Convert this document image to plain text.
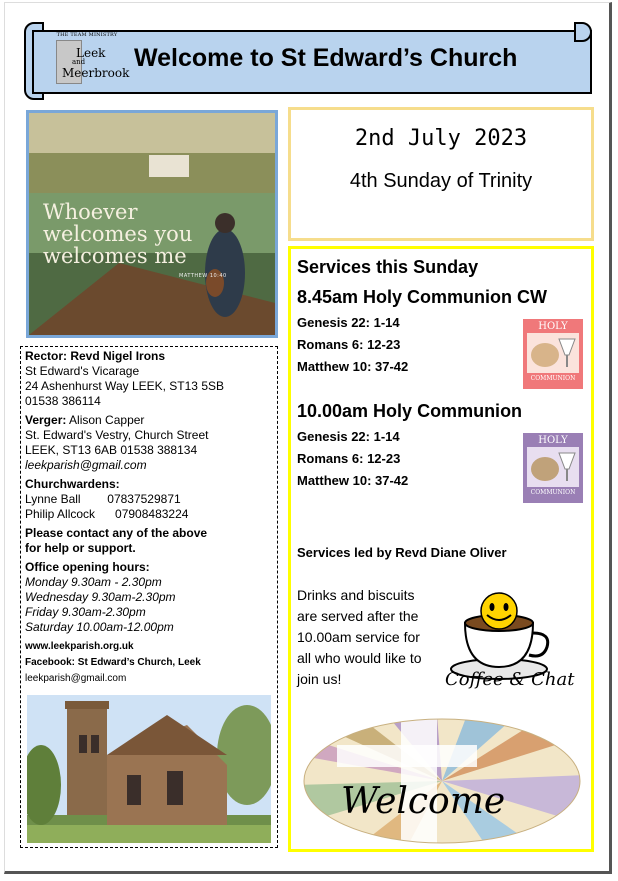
THE TEAM MINISTRY
Leek
and
Meerbrook
Welcome to St Edward’s Church
Whoever
welcomes you
welcomes me
MATTHEW 10:40
Rector: Revd Nigel Irons
St Edward's Vicarage
24 Ashenhurst Way LEEK, ST13 5SB
01538 386114
Verger: Alison Capper
St. Edward's Vestry, Church Street
LEEK, ST13 6AB 01538 388134
leekparish@gmail.com
Churchwardens:
Lynne Ball        07837529871
Philip Allcock      07908483224
Please contact any of the above
for help or support.
Office opening hours:
Monday 9.30am - 2.30pm
Wednesday 9.30am-2.30pm
Friday 9.30am-2.30pm
Saturday 10.00am-12.00pm
www.leekparish.org.uk
Facebook: St Edward’s Church, Leek
leekparish@gmail.com
2nd July 2023
4th Sunday of Trinity
Services this Sunday
8.45am Holy Communion CW
Genesis 22: 1-14
Romans 6: 12-23
Matthew 10: 37-42
HOLY
COMMUNION
10.00am Holy Communion
Genesis 22: 1-14
Romans 6: 12-23
Matthew 10: 37-42
HOLY
COMMUNION
Services led by Revd Diane Oliver
Drinks and biscuits are served after the 10.00am service for all who would like to join us!	Coffee & Chat
Welcome
